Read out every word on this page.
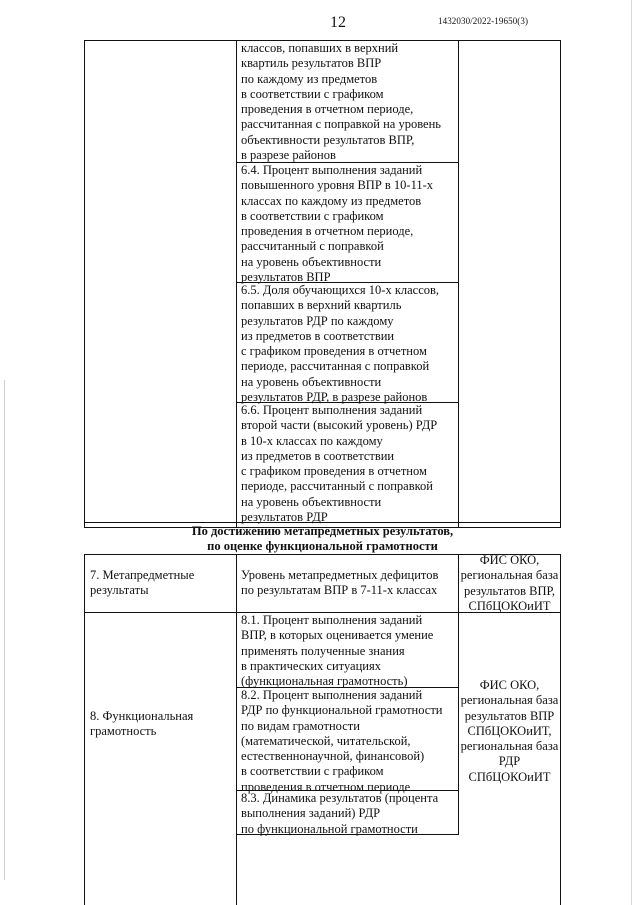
12	1432030/2022-19650(3)
классов, попавших в верхний
квартиль результатов ВПР
по каждому из предметов
в соответствии с графиком
проведения в отчетном периоде,
рассчитанная с поправкой на уровень
объективности результатов ВПР,
в разрезе районов
6.4. Процент выполнения заданий
повышенного уровня ВПР в 10-11-х
классах по каждому из предметов
в соответствии с графиком
проведения в отчетном периоде,
рассчитанный с поправкой
на уровень объективности
результатов ВПР
6.5. Доля обучающихся 10-х классов,
попавших в верхний квартиль
результатов РДР по каждому
из предметов в соответствии
с графиком проведения в отчетном
периоде, рассчитанная с поправкой
на уровень объективности
результатов РДР, в разрезе районов
6.6. Процент выполнения заданий
второй части (высокий уровень) РДР
в 10-х классах по каждому
из предметов в соответствии
с графиком проведения в отчетном
периоде, рассчитанный с поправкой
на уровень объективности
результатов РДР
По достижению метапредметных результатов,
по оценке функциональной грамотности
7. Метапредметные
результаты
Уровень метапредметных дефицитов
по результатам ВПР в 7-11-х классах
ФИС ОКО,
региональная база
результатов ВПР,
СПбЦОКОиИТ
8. Функциональная
грамотность
8.1. Процент выполнения заданий
ВПР, в которых оценивается умение
применять полученные знания
в практических ситуациях
(функциональная грамотность)
8.2. Процент выполнения заданий
РДР по функциональной грамотности
по видам грамотности
(математической, читательской,
естественнонаучной, финансовой)
в соответствии с графиком
проведения в отчетном периоде
8.3. Динамика результатов (процента
выполнения заданий) РДР
по функциональной грамотности
ФИС ОКО,
региональная база
результатов ВПР
СПбЦОКОиИТ,
региональная база
РДР СПбЦОКОиИТ
